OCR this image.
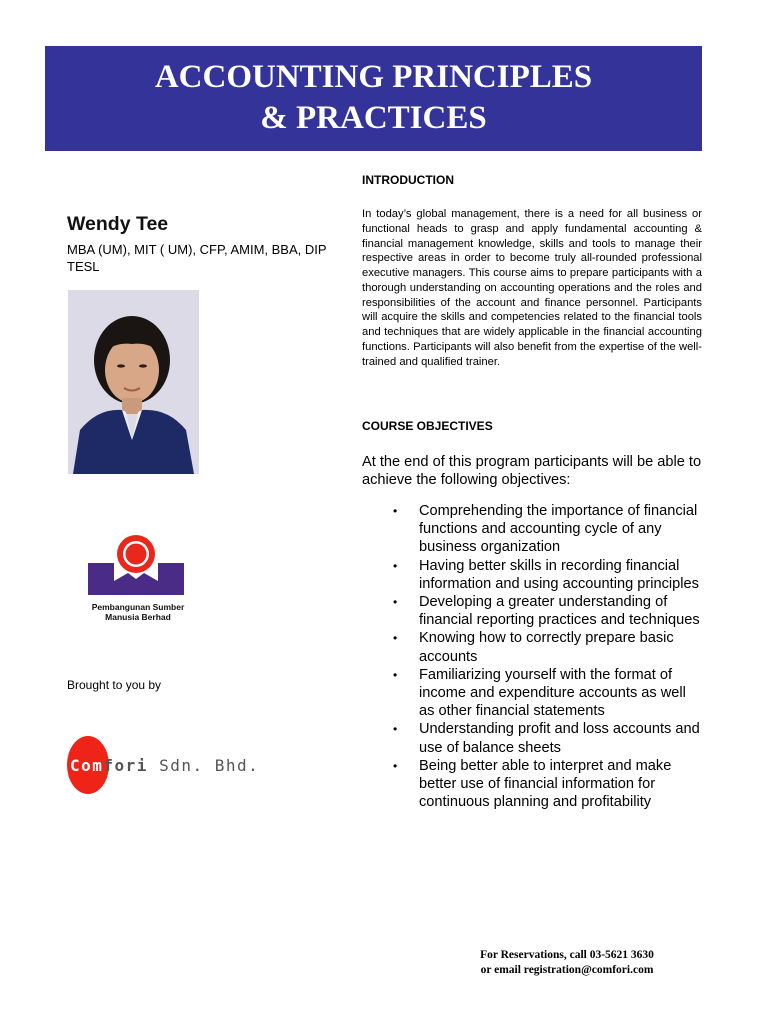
ACCOUNTING PRINCIPLES
& PRACTICES
Wendy Tee
MBA (UM), MIT ( UM), CFP, AMIM, BBA, DIP TESL
Pembangunan Sumber
Manusia Berhad
Brought to you by
Comfori Sdn. Bhd.
INTRODUCTION
In today’s global management, there is a need for all business or functional heads to grasp and apply fundamental accounting & financial management knowledge, skills and tools to manage their respective areas in order to become truly all-rounded professional executive managers. This course aims to prepare participants with a thorough understanding on accounting operations and the roles and responsibilities of the account and finance personnel. Participants will acquire the skills and competencies related to the financial tools and techniques that are widely applicable in the financial accounting functions. Participants will also benefit from the expertise of the well-trained and qualified trainer.
COURSE OBJECTIVES
At the end of this program participants will be able to achieve the following objectives:
• Comprehending the importance of financial functions and accounting cycle of any business organization
• Having better skills in recording financial information and using accounting principles
• Developing a greater understanding of financial reporting practices and techniques
• Knowing how to correctly prepare basic accounts
• Familiarizing yourself with the format of income and expenditure accounts as well as other financial statements
• Understanding profit and loss accounts and use of balance sheets
• Being better able to interpret and make better use of financial information for continuous planning and profitability
For Reservations, call 03-5621 3630
or email registration@comfori.com
